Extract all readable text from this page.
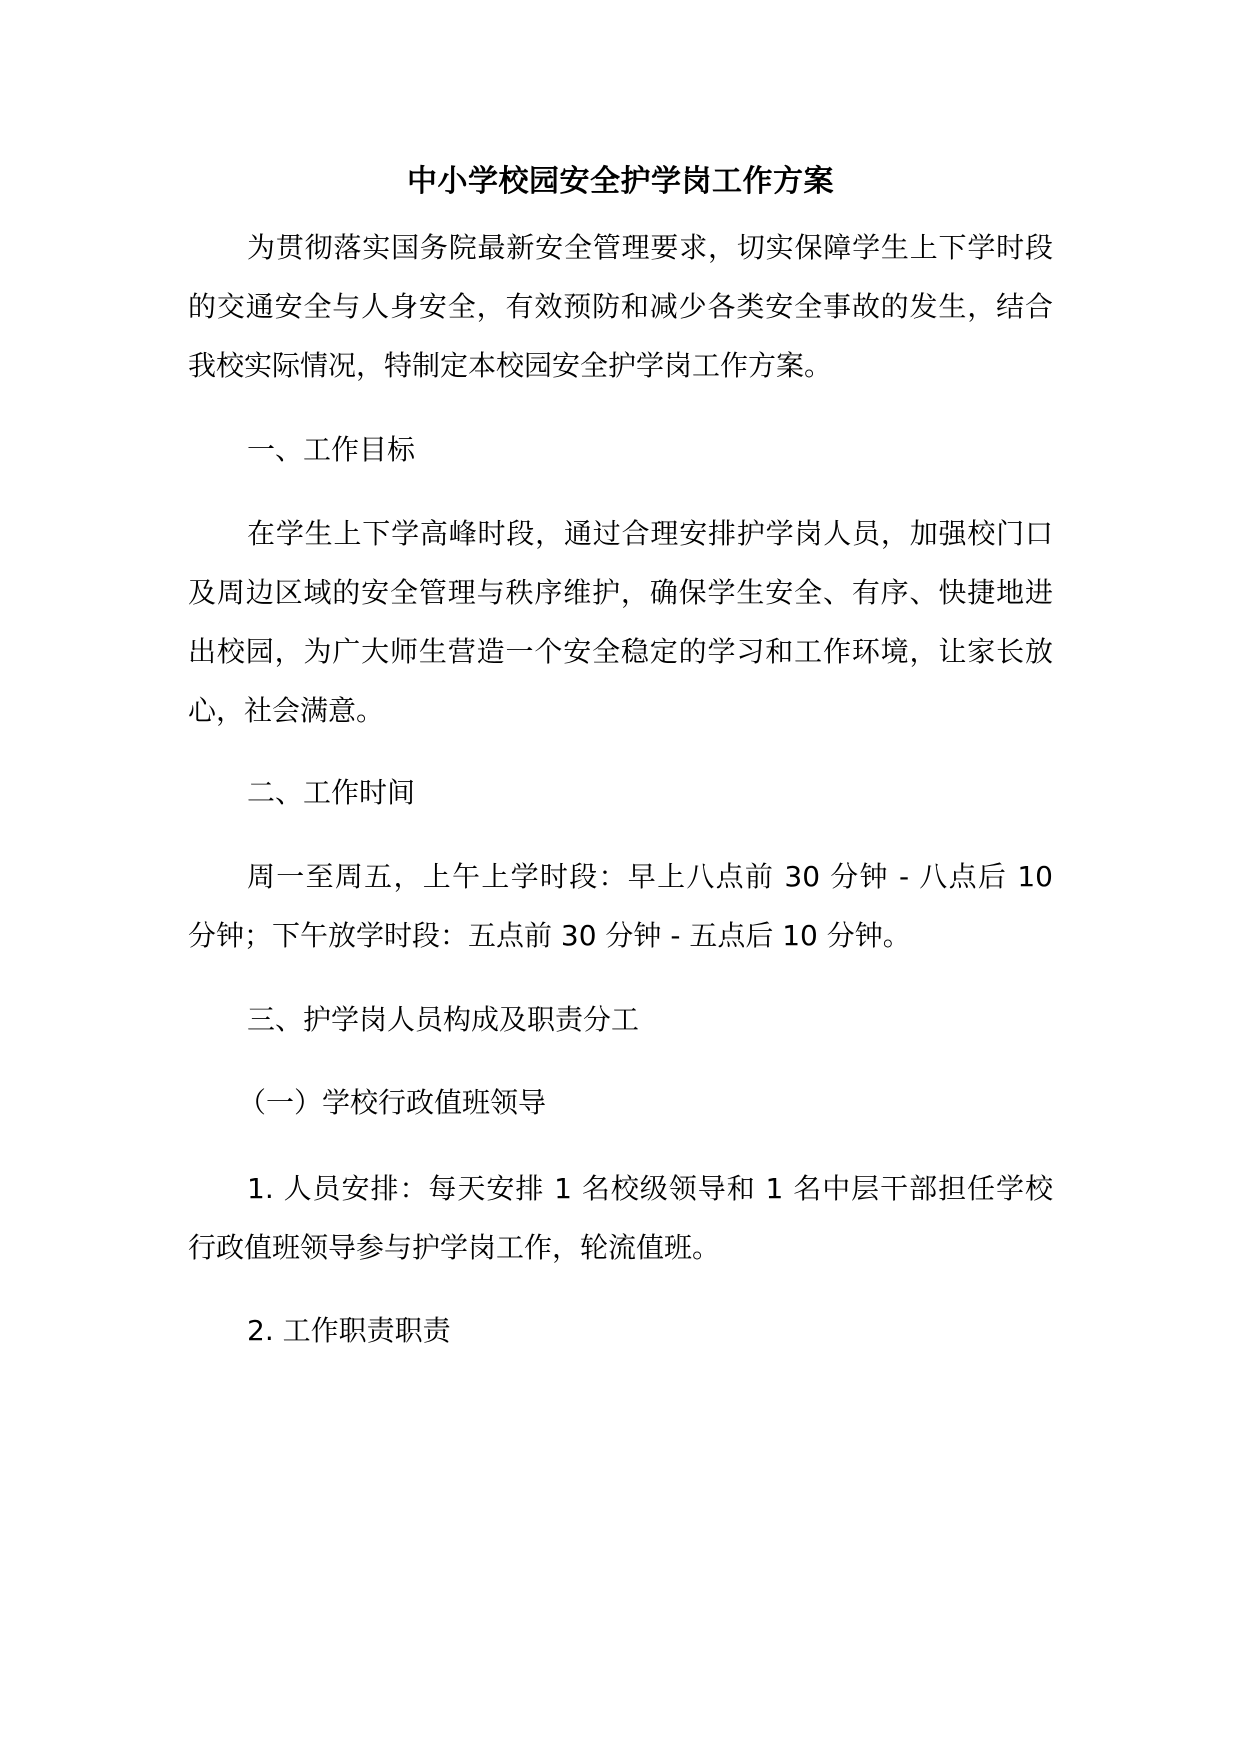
中小学校园安全护学岗工作方案
为贯彻落实国务院最新安全管理要求，切实保障学生上下学时段
的交通安全与人身安全，有效预防和减少各类安全事故的发生，结合
我校实际情况，特制定本校园安全护学岗工作方案。
一、工作目标
在学生上下学高峰时段，通过合理安排护学岗人员，加强校门口
及周边区域的安全管理与秩序维护，确保学生安全、有序、快捷地进
出校园，为广大师生营造一个安全稳定的学习和工作环境，让家长放
心，社会满意。
二、工作时间
周一至周五，上午上学时段：早上八点前 30 分钟 - 八点后 10
分钟；下午放学时段：五点前 30 分钟 - 五点后 10 分钟。
三、护学岗人员构成及职责分工
（一）学校行政值班领导
1. 人员安排：每天安排 1 名校级领导和 1 名中层干部担任学校
行政值班领导参与护学岗工作，轮流值班。
2. 工作职责职责
